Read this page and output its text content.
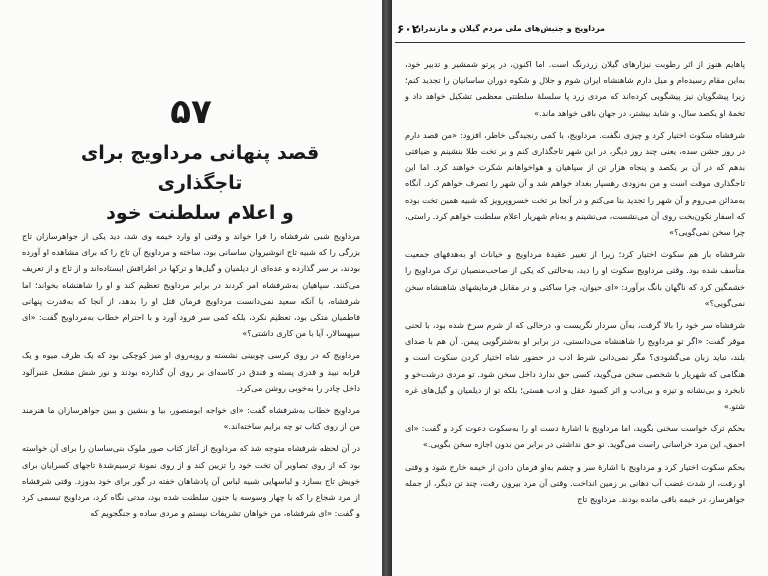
۵۷
قصد پنهانی مرداویج برای تاجگذاری
و اعلام سلطنت خود

مرداویج شبی شرفشاه را فرا خواند و وقتی او وارد خیمه وی شد، دید یکی از جواهرسازان تاج بزرگی را که شبیه تاج انوشیروان ساسانی بود، ساخته و مرداویج آن تاج را که برای مشاهده او آورده بودند، بر سر گذارده و عده‌ای از دیلمیان و گیل‌ها و ترکها در اطرافش ایستاده‌اند و از تاج و از تعریف می‌کنند. سپاهیان به‌شرفشاه امر کردند در برابر مرداویج تعظیم کند و او را شاهنشاه بخواند؛ اما شرفشاه، با آنکه سعید نمی‌دانست مرداویج فرمان قتل او را بدهد، از آنجا که به‌قدرت پنهانی فاطمیان متکی بود، تعظیم نکرد، بلکه کمی سر فرود آورد و با احترام خطاب به‌مرداویج گفت: «ای سپهسالار، آیا با من کاری داشتی؟»

مرداویج که در روی کرسی چوبینی نشسته و روبه‌روی او میز کوچکی بود که یک ظرف میوه و یک قرابه نبید و قدری پسته و فندق در کاسه‌ای بر روی آن گذارده بودند و نور شش مشعل عنبرآلود داخل چادر را به‌خوبی روشن می‌کرد.

مرداویج خطاب به‌شرفشاه گفت: «ای خواجه ابومنصور، بیا و بنشین و ببین جواهرسازان ما هنرمند من از روی کتاب تو چه برایم ساخته‌اند.»

در آن لحظه شرفشاه متوجه شد که مرداویج از آغاز کتاب صور ملوک بنی‌ساسان را برای آن خواسته بود که از روی تصاویر آن تخت خود را تزیین کند و از روی نمونهٔ ترسیم‌شدهٔ تاجهای کسرایان برای خویش تاج بسازد و لباسهایی شبیه لباس آن پادشاهان خفته در گور برای خود بدوزد. وقتی شرفشاه از مرد شجاع را که با چهار وسوسه یا جنون سلطنت شده بود، مدتی نگاه کرد، مرداویج تبسمی کرد و گفت: «ای شرفشاه، من خواهان تشریفات نیستم و مردی ساده و جنگجویم که

۶۰۲
مرداویج و جنبش‌های ملی مردم گیلان و مازندران

پاهایم هنوز از اثر رطوبت نیزارهای گیلان زردرنگ است. اما اکنون، در پرتو شمشیر و تدبیر خود، به‌این مقام رسیده‌ام و میل دارم شاهنشاه ایران شوم و جلال و شکوه دوران ساسانیان را تجدید کنم؛ زیرا پیشگویان نیز پیشگویی کرده‌اند که مردی زرد پا سلسلهٔ سلطنتی معظمی تشکیل خواهد داد و تخمهٔ او یکصد سال، و شاید بیشتر، در جهان باقی خواهد ماند.»

شرفشاه سکوت اختیار کرد و چیزی نگفت. مرداویج، با کمی رنجیدگی خاطر، افزود: «من قصد دارم در روز جشن سده، یعنی چند روز دیگر، در این شهر تاجگذاری کنم و بر تخت طلا بنشینم و ضیافتی بدهم که در آن بر یکصد و پنجاه هزار تن از سپاهیان و هواخواهانم شکرت خواهند کرد. اما این تاجگذاری موقت است و من به‌زودی رهسپار بغداد خواهم شد و آن شهر را تصرف خواهم کرد. آنگاه به‌مدائن می‌روم و آن شهر را تجدید بنا می‌کنم و در آنجا بر تخت خسروپرویز که شبیه همین تخت بوده که اسفار نکون‌بخت روی آن می‌نشست، می‌نشینم و به‌نام شهریار اعلام سلطنت خواهم کرد. راستی، چرا سخن نمی‌گویی؟»

شرفشاه باز هم سکوت اختیار کرد؛ زیرا از تغییر عقیدهٔ مرداویج و خیانات او به‌هدفهای جمعیت متأسف شده بود. وقتی مرداویج سکوت او را دید، به‌حالتی که یکی از صاحب‌منصبان ترک مرداویج را خشمگین کرد که ناگهان بانگ برآورد: «ای حیوان، چرا ساکتی و در مقابل فرمایشهای شاهنشاه سخن نمی‌گویی؟»

شرفشاه سر خود را بالا گرفت، به‌آن سردار نگریست و، درحالی که از شرم سرخ شده بود، با لحنی موقر گفت: «اگر تو مرداویج را شاهنشاه می‌دانستی، در برابر او به‌شترگویی پیمن. آن هم با صدای بلند، نباید زبان می‌گشودی؟ مگر نمی‌دانی شرط ادب در حضور شاه اختیار کردن سکوت است و هنگامی که شهریار با شخصی سخن می‌گوید، کسی حق ندارد داخل سخن شود. تو مردی درشت‌خو و نابخرد و بی‌نشانه و تیزه و بی‌ادب و اثر کمبود عقل و ادب هستی؛ بلکه تو از دیلمیان و گیل‌های غره شتو.»

بحکم ترک خواست سخنی بگوید، اما مرداویج با اشارهٔ دست او را به‌سکوت دعوت کرد و گفت: «ای احمق، این مرد خراسانی راست می‌گوید. تو حق نداشتی در برابر من بدون اجازه سخن بگویی.»

بحکم سکوت اختیار کرد و مرداویج با اشارهٔ سر و چشم به‌او فرمان دادن از خیمه خارج شود و وقتی او رفت، از شدت غضب آب دهانی بر زمین انداخت. وقتی آن مرد بیرون رفت، چند تن دیگر، از جمله جواهرساز، در خیمه باقی مانده بودند. مرداویج تاج
